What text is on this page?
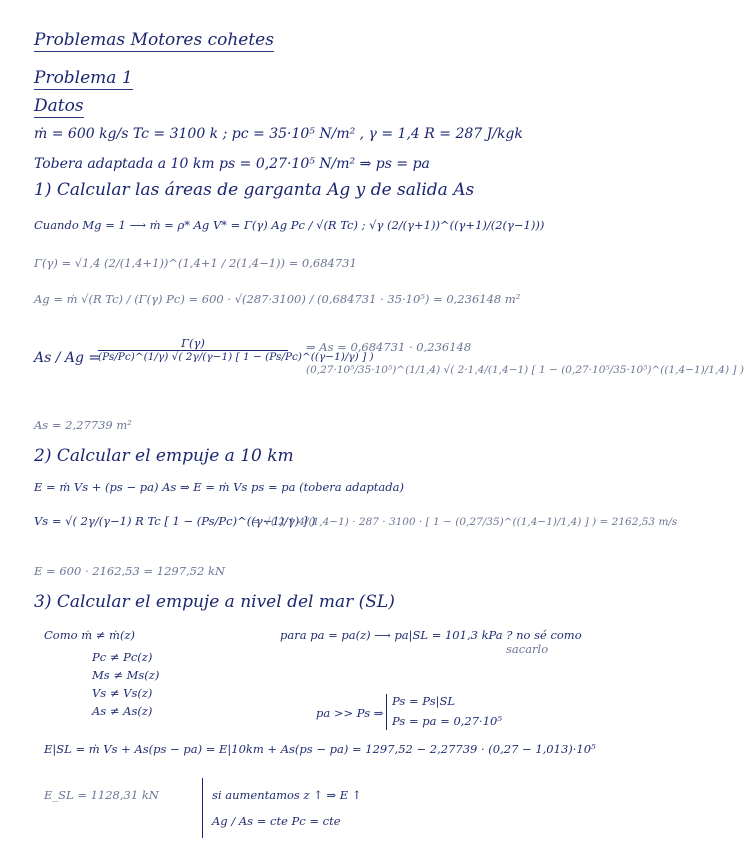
Problemas Motores cohetes
Problema 1
Datos
ṁ = 600 kg/s Tc = 3100 k ; pc = 35·10⁵ N/m² , γ = 1,4 R = 287 J/kgk
Tobera adaptada a 10 km ps = 0,27·10⁵ N/m² ⇒ ps = pa
1) Calcular las áreas de garganta Ag y de salida As
Cuando Mg = 1 ⟶ ṁ = ρ* Ag V* = Γ(γ) Ag Pc / √(R Tc) ; √γ (2/(γ+1))^((γ+1)/(2(γ−1)))
Γ(γ) = √1,4 (2/(1,4+1))^(1,4+1 / 2(1,4−1)) = 0,684731
Ag = ṁ √(R Tc) / (Γ(γ) Pc) = 600 · √(287·3100) / (0,684731 · 35·10⁵) = 0,236148 m²
As / Ag =
$\frac{\Gamma(\gamma)}{(Ps/Pc)\^{}(1/\gamma) √( 2\gamma/(\gamma-1) [ 1 - (Ps/Pc)\^{}((\gamma-1)/\gamma) ] )}$ ⇒ As = 0,684731 · 0,236148
(0,27·10⁵/35·10⁵)^(1/1,4) √( 2·1,4/(1,4−1) [ 1 − (0,27·10⁵/35·10⁵)^((1,4−1)/1,4) ] )
As = 2,27739 m²
2) Calcular el empuje a 10 km
E = ṁ Vs + (ps − pa) As ⇒ E = ṁ Vs ps = pa (tobera adaptada)
Vs = √( 2γ/(γ−1) R Tc [ 1 − (Ps/Pc)^((γ−1)/γ) ] )
= √( 2·1,4/(1,4−1) · 287 · 3100 · [ 1 − (0,27/35)^((1,4−1)/1,4) ] ) = 2162,53 m/s
E = 600 · 2162,53 = 1297,52 kN
3) Calcular el empuje a nivel del mar (SL)
Como ṁ ≠ ṁ(z)	para pa = pa(z) ⟶ pa|SL = 101,3 kPa ? no sé como
sacarlo
Pc ≠ Pc(z)
Ms ≠ Ms(z)
Vs ≠ Vs(z)
As ≠ As(z)	pa >> Ps ⇒
Ps = Ps|SL
Ps = pa = 0,27·10⁵
E|SL = ṁ Vs + As(ps − pa) = E|10km + As(ps − pa) = 1297,52 − 2,27739 · (0,27 − 1,013)·10⁵
E_SL = 1128,31 kN	si aumentamos z ↑ ⇒ E ↑
Ag / As = cte Pc = cte
